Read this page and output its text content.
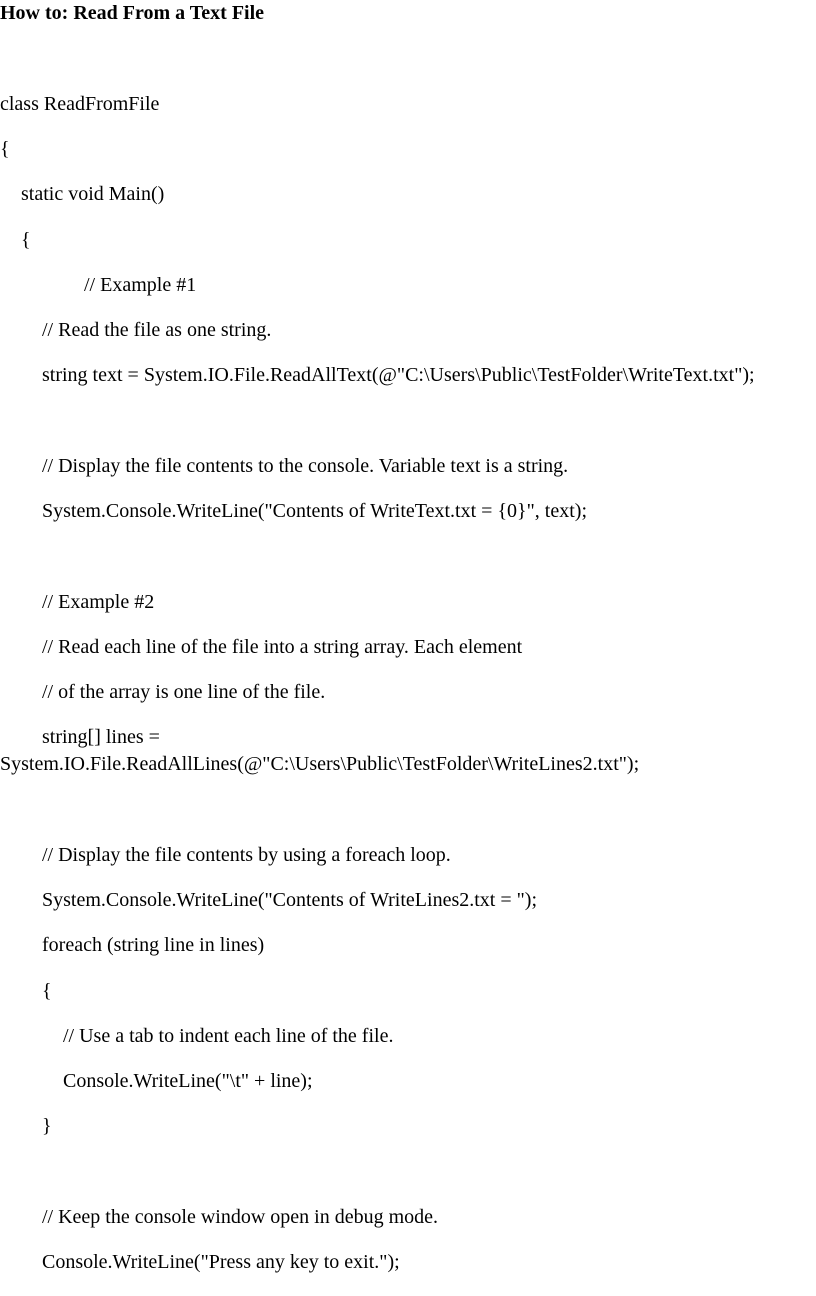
How to: Read From a Text File
class ReadFromFile
{
static void Main()
{
// Example #1
// Read the file as one string.
string text = System.IO.File.ReadAllText(@"C:\Users\Public\TestFolder\WriteText.txt");
// Display the file contents to the console. Variable text is a string.
System.Console.WriteLine("Contents of WriteText.txt = {0}", text);
// Example #2
// Read each line of the file into a string array. Each element
// of the array is one line of the file.
string[] lines =
System.IO.File.ReadAllLines(@"C:\Users\Public\TestFolder\WriteLines2.txt");
// Display the file contents by using a foreach loop.
System.Console.WriteLine("Contents of WriteLines2.txt = ");
foreach (string line in lines)
{
// Use a tab to indent each line of the file.
Console.WriteLine("\t" + line);
}
// Keep the console window open in debug mode.
Console.WriteLine("Press any key to exit.");
